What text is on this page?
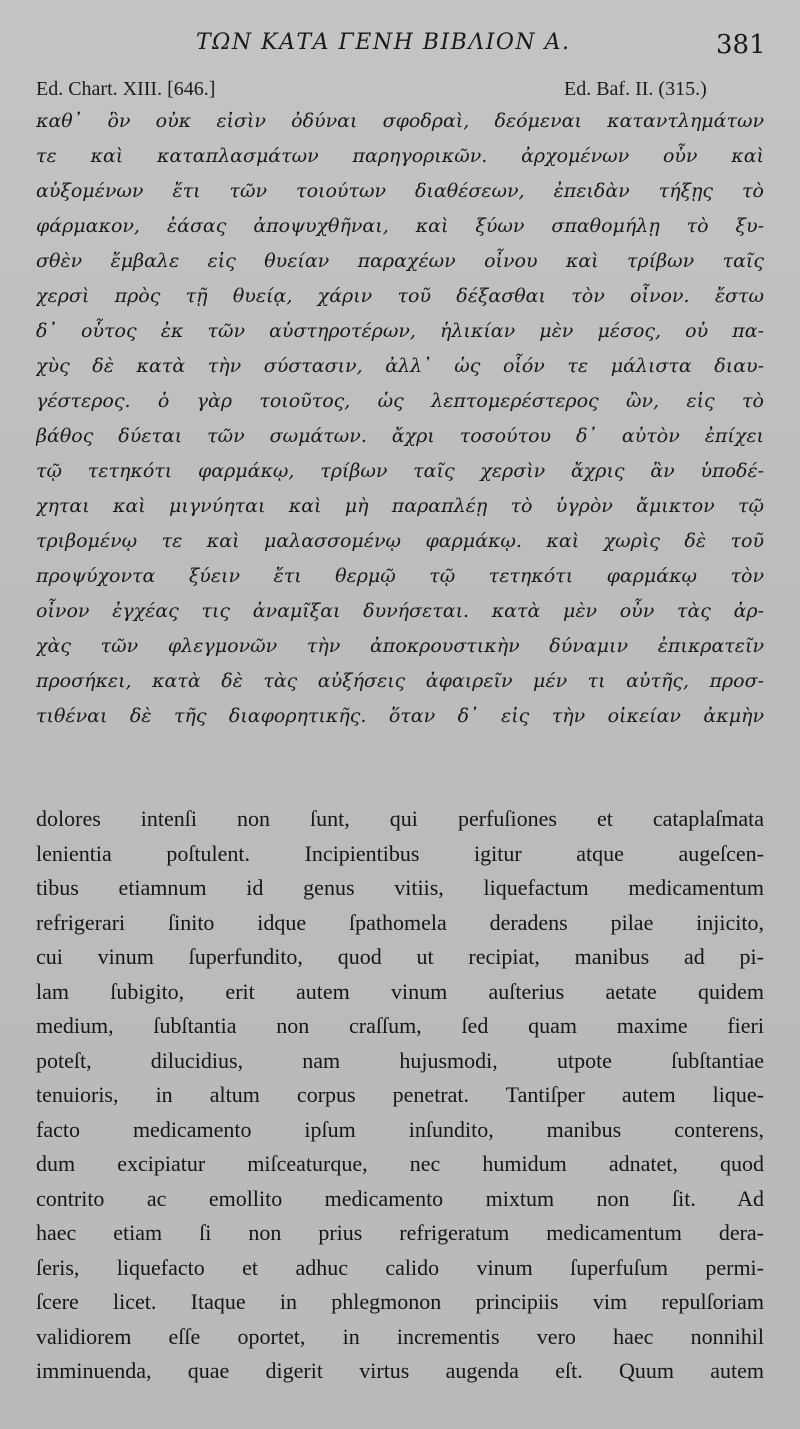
ΤΩΝ ΚΑΤΑ ΓΕΝΗ ΒΙΒΛΙΟΝ Α.	381
Ed. Chart. XIII. [646.]	Ed. Baf. II. (315.)
καθ᾽ ὃν οὐκ εἰσὶν ὀδύναι σφοδραὶ, δεόμεναι καταντλημάτων
τε καὶ καταπλασμάτων παρηγορικῶν. ἀρχομένων οὖν καὶ
αὐξομένων ἔτι τῶν τοιούτων διαθέσεων, ἐπειδὰν τήξῃς τὸ
φάρμακον, ἐάσας ἀποψυχθῆναι, καὶ ξύων σπαθομήλῃ τὸ ξυ-
σθὲν ἔμβαλε εἰς θυείαν παραχέων οἶνου καὶ τρίβων ταῖς
χερσὶ πρὸς τῇ θυείᾳ, χάριν τοῦ δέξασθαι τὸν οἶνον. ἔστω
δ᾽ οὗτος ἐκ τῶν αὐστηροτέρων, ἡλικίαν μὲν μέσος, οὐ πα-
χὺς δὲ κατὰ τὴν σύστασιν, ἀλλ᾽ ὡς οἷόν τε μάλιστα διαυ-
γέστερος. ὁ γὰρ τοιοῦτος, ὡς λεπτομερέστερος ὢν, εἰς τὸ
βάθος δύεται τῶν σωμάτων. ἄχρι τοσούτου δ᾽ αὐτὸν ἐπίχει
τῷ τετηκότι φαρμάκῳ, τρίβων ταῖς χερσὶν ἄχρις ἂν ὑποδέ-
χηται καὶ μιγνύηται καὶ μὴ παραπλέῃ τὸ ὑγρὸν ἄμικτον τῷ
τριβομένῳ τε καὶ μαλασσομένῳ φαρμάκῳ. καὶ χωρὶς δὲ τοῦ
προψύχοντα ξύειν ἔτι θερμῷ τῷ τετηκότι φαρμάκῳ τὸν
οἶνον ἐγχέας τις ἀναμῖξαι δυνήσεται. κατὰ μὲν οὖν τὰς ἀρ-
χὰς τῶν φλεγμονῶν τὴν ἀποκρουστικὴν δύναμιν ἐπικρατεῖν
προσήκει, κατὰ δὲ τὰς αὐξήσεις ἀφαιρεῖν μέν τι αὐτῆς, προσ-
τιθέναι δὲ τῆς διαφορητικῆς. ὅταν δ᾽ εἰς τὴν οἰκείαν ἀκμὴν
dolores intenſi non ſunt, qui perfuſiones et cataplaſmata
lenientia poſtulent. Incipientibus igitur atque augeſcen-
tibus etiamnum id genus vitiis, liquefactum medicamentum
refrigerari ſinito idque ſpathomela deradens pilae injicito,
cui vinum ſuperfundito, quod ut recipiat, manibus ad pi-
lam ſubigito, erit autem vinum auſterius aetate quidem
medium, ſubſtantia non craſſum, ſed quam maxime fieri
poteſt, dilucidius, nam hujusmodi, utpote ſubſtantiae
tenuioris, in altum corpus penetrat. Tantiſper autem lique-
facto medicamento ipſum inſundito, manibus conterens,
dum excipiatur miſceaturque, nec humidum adnatet, quod
contrito ac emollito medicamento mixtum non ſit. Ad
haec etiam ſi non prius refrigeratum medicamentum dera-
ſeris, liquefacto et adhuc calido vinum ſuperfuſum permi-
ſcere licet. Itaque in phlegmonon principiis vim repulſoriam
validiorem eſſe oportet, in incrementis vero haec nonnihil
imminuenda, quae digerit virtus augenda eſt. Quum autem
